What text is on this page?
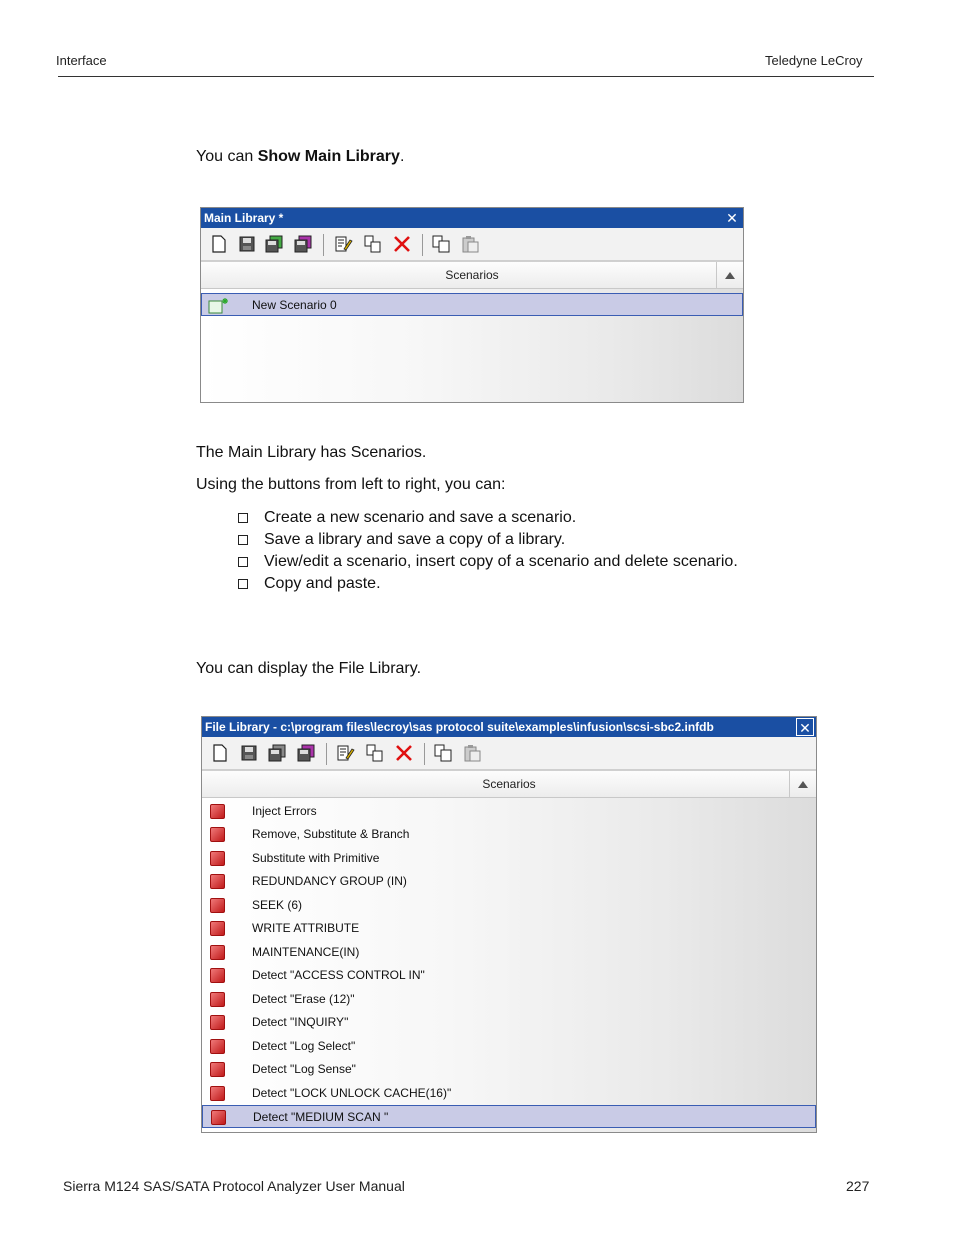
Interface	Teledyne LeCroy
You can Show Main Library.
Main Library *	✕
Scenarios
New Scenario 0
The Main Library has Scenarios.
Using the buttons from left to right, you can:
Create a new scenario and save a scenario.
Save a library and save a copy of a library.
View/edit a scenario, insert copy of a scenario and delete scenario.
Copy and paste.
You can display the File Library.
File Library - c:\program files\lecroy\sas protocol suite\examples\infusion\scsi-sbc2.infdb	✕
Scenarios
Inject Errors
Remove, Substitute & Branch
Substitute with Primitive
REDUNDANCY GROUP (IN)
SEEK (6)
WRITE ATTRIBUTE
MAINTENANCE(IN)
Detect "ACCESS CONTROL IN"
Detect "Erase (12)"
Detect "INQUIRY"
Detect "Log Select"
Detect "Log Sense"
Detect "LOCK UNLOCK CACHE(16)"
Detect "MEDIUM SCAN "
Sierra M124 SAS/SATA Protocol Analyzer User Manual	227
